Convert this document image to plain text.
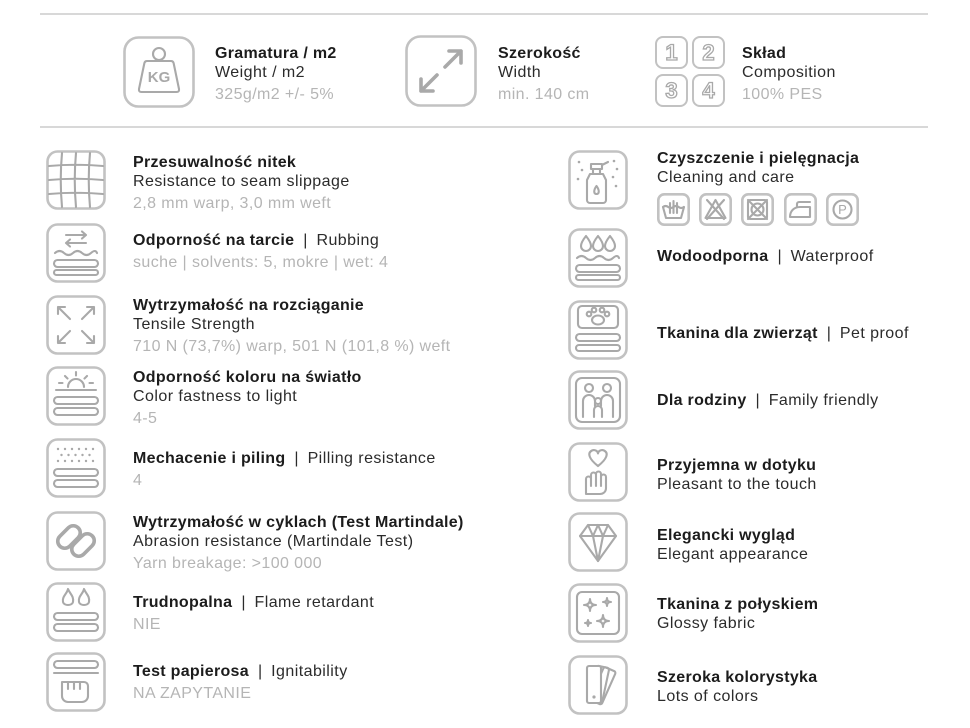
KG
Gramatura / m2
Weight / m2
325g/m2 +/- 5%
Szerokość
Width
min. 140 cm
1 2
3 4
Skład
Composition
100% PES
Przesuwalność nitek
Resistance to seam slippage
2,8 mm warp, 3,0 mm weft
Odporność na tarcie | Rubbing
suche | solvents: 5, mokre | wet: 4
Wytrzymałość na rozciąganie
Tensile Strength
710 N (73,7%) warp, 501 N (101,8 %) weft
Odporność koloru na światło
Color fastness to light
4-5
Mechacenie i piling | Pilling resistance
4
Wytrzymałość w cyklach (Test Martindale)
Abrasion resistance (Martindale Test)
Yarn breakage: >100 000
Trudnopalna | Flame retardant
NIE
Test papierosa | Ignitability
NA ZAPYTANIE
Czyszczenie i pielęgnacja
Cleaning and care
P
Wodoodporna | Waterproof
Tkanina dla zwierząt | Pet proof
Dla rodziny | Family friendly
Przyjemna w dotyku
Pleasant to the touch
Elegancki wygląd
Elegant appearance
Tkanina z połyskiem
Glossy fabric
Szeroka kolorystyka
Lots of colors
